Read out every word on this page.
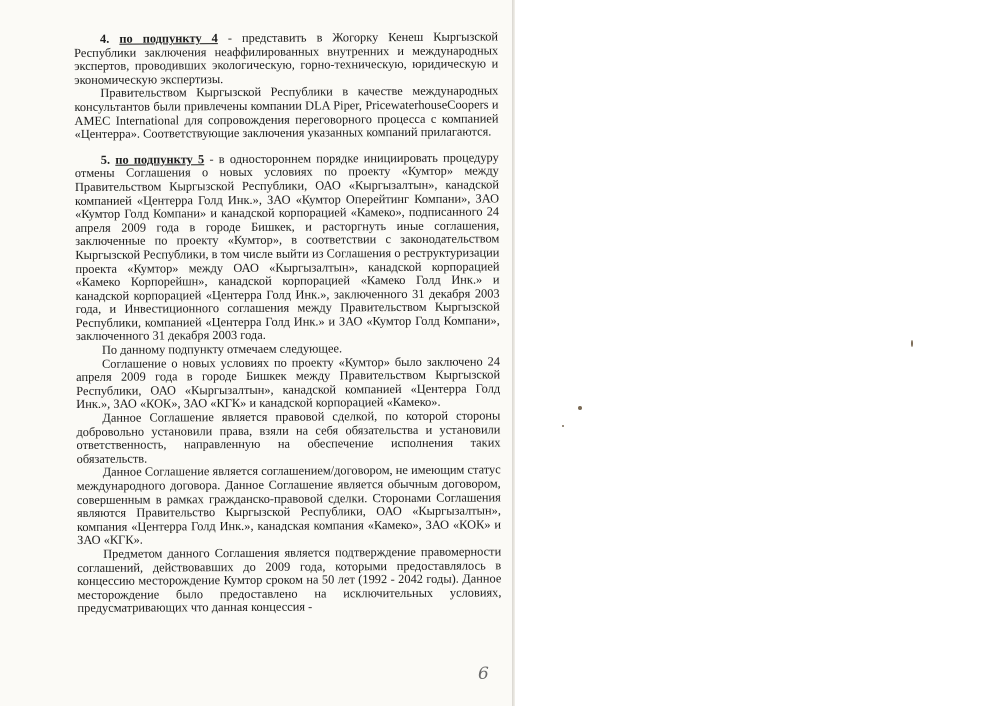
4. по подпункту 4 - представить в Жогорку Кенеш Кыргызской Республики заключения неаффилированных внутренних и международных экспертов, проводивших экологическую, горно-техническую, юридическую и экономическую экспертизы.

Правительством Кыргызской Республики в качестве международных консультантов были привлечены компании DLA Piper, PricewaterhouseCoopers и AMEC International для сопровождения переговорного процесса с компанией «Центерра». Соответствующие заключения указанных компаний прилагаются.

5. по подпункту 5 - в одностороннем порядке инициировать процедуру отмены Соглашения о новых условиях по проекту «Кумтор» между Правительством Кыргызской Республики, ОАО «Кыргызалтын», канадской компанией «Центерра Голд Инк.», ЗАО «Кумтор Оперейтинг Компани», ЗАО «Кумтор Голд Компани» и канадской корпорацией «Камеко», подписанного 24 апреля 2009 года в городе Бишкек, и расторгнуть иные соглашения, заключенные по проекту «Кумтор», в соответствии с законодательством Кыргызской Республики, в том числе выйти из Соглашения о реструктуризации проекта «Кумтор» между ОАО «Кыргызалтын», канадской корпорацией «Камеко Корпорейшн», канадской корпорацией «Камеко Голд Инк.» и канадской корпорацией «Центерра Голд Инк.», заключенного 31 декабря 2003 года, и Инвестиционного соглашения между Правительством Кыргызской Республики, компанией «Центерра Голд Инк.» и ЗАО «Кумтор Голд Компани», заключенного 31 декабря 2003 года.

По данному подпункту отмечаем следующее.

Соглашение о новых условиях по проекту «Кумтор» было заключено 24 апреля 2009 года в городе Бишкек между Правительством Кыргызской Республики, ОАО «Кыргызалтын», канадской компанией «Центерра Голд Инк.», ЗАО «КОК», ЗАО «КГК» и канадской корпорацией «Камеко».

Данное Соглашение является правовой сделкой, по которой стороны добровольно установили права, взяли на себя обязательства и установили ответственность, направленную на обеспечение исполнения таких обязательств.

Данное Соглашение является соглашением/договором, не имеющим статус международного договора. Данное Соглашение является обычным договором, совершенным в рамках гражданско-правовой сделки. Сторонами Соглашения являются Правительство Кыргызской Республики, ОАО «Кыргызалтын», компания «Центерра Голд Инк.», канадская компания «Камеко», ЗАО «КОК» и ЗАО «КГК».

Предметом данного Соглашения является подтверждение правомерности соглашений, действовавших до 2009 года, которыми предоставлялось в концессию месторождение Кумтор сроком на 50 лет (1992 - 2042 годы). Данное месторождение было предоставлено на исключительных условиях, предусматривающих что данная концессия -

6
